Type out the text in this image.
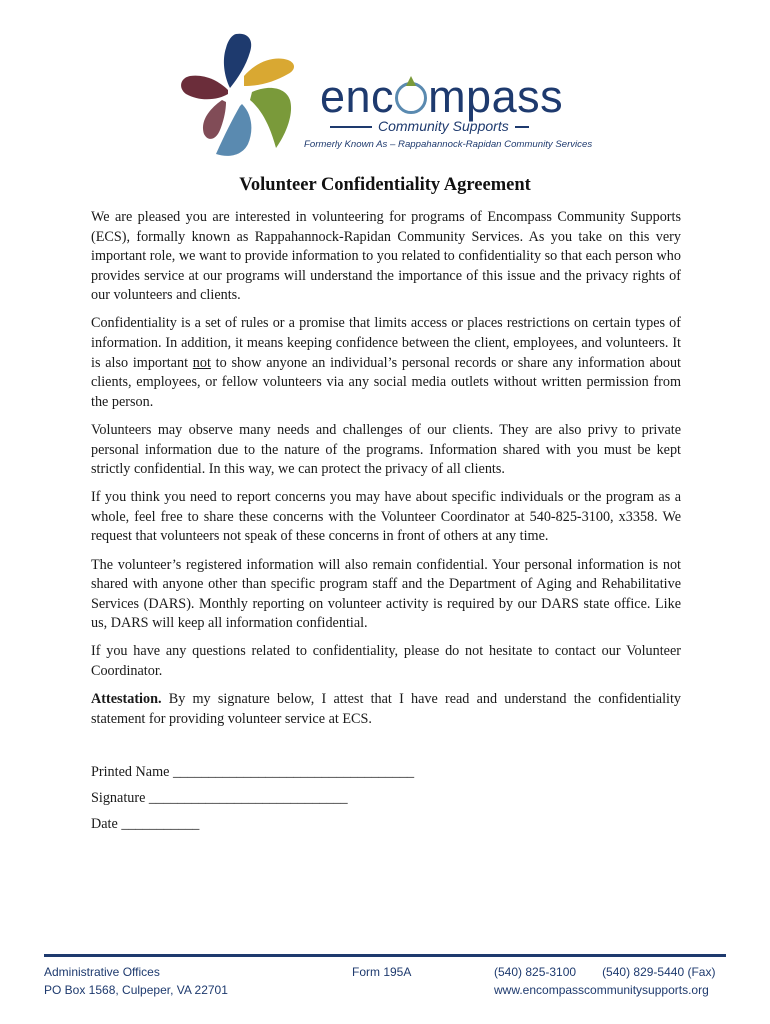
enc mpass
Community Supports
Formerly Known As – Rappahannock-Rapidan Community Services
Volunteer Confidentiality Agreement

We are pleased you are interested in volunteering for programs of Encompass Community Supports (ECS), formally known as Rappahannock-Rapidan Community Services. As you take on this very important role, we want to provide information to you related to confidentiality so that each person who provides service at our programs will understand the importance of this issue and the privacy rights of our volunteers and clients.

Confidentiality is a set of rules or a promise that limits access or places restrictions on certain types of information. In addition, it means keeping confidence between the client, employees, and volunteers. It is also important not to show anyone an individual’s personal records or share any information about clients, employees, or fellow volunteers via any social media outlets without written permission from the person.

Volunteers may observe many needs and challenges of our clients. They are also privy to private personal information due to the nature of the programs. Information shared with you must be kept strictly confidential. In this way, we can protect the privacy of all clients.

If you think you need to report concerns you may have about specific individuals or the program as a whole, feel free to share these concerns with the Volunteer Coordinator at 540-825-3100, x3358. We request that volunteers not speak of these concerns in front of others at any time.

The volunteer’s registered information will also remain confidential. Your personal information is not shared with anyone other than specific program staff and the Department of Aging and Rehabilitative Services (DARS). Monthly reporting on volunteer activity is required by our DARS state office. Like us, DARS will keep all information confidential.

If you have any questions related to confidentiality, please do not hesitate to contact our Volunteer Coordinator.

Attestation. By my signature below, I attest that I have read and understand the confidentiality statement for providing volunteer service at ECS.

Printed Name __________________________________
Signature ____________________________
Date ___________
Administrative Offices
PO Box 1568, Culpeper, VA 22701
Form 195A	(540) 825-3100 (540) 829-5440 (Fax)
www.encompasscommunitysupports.org
